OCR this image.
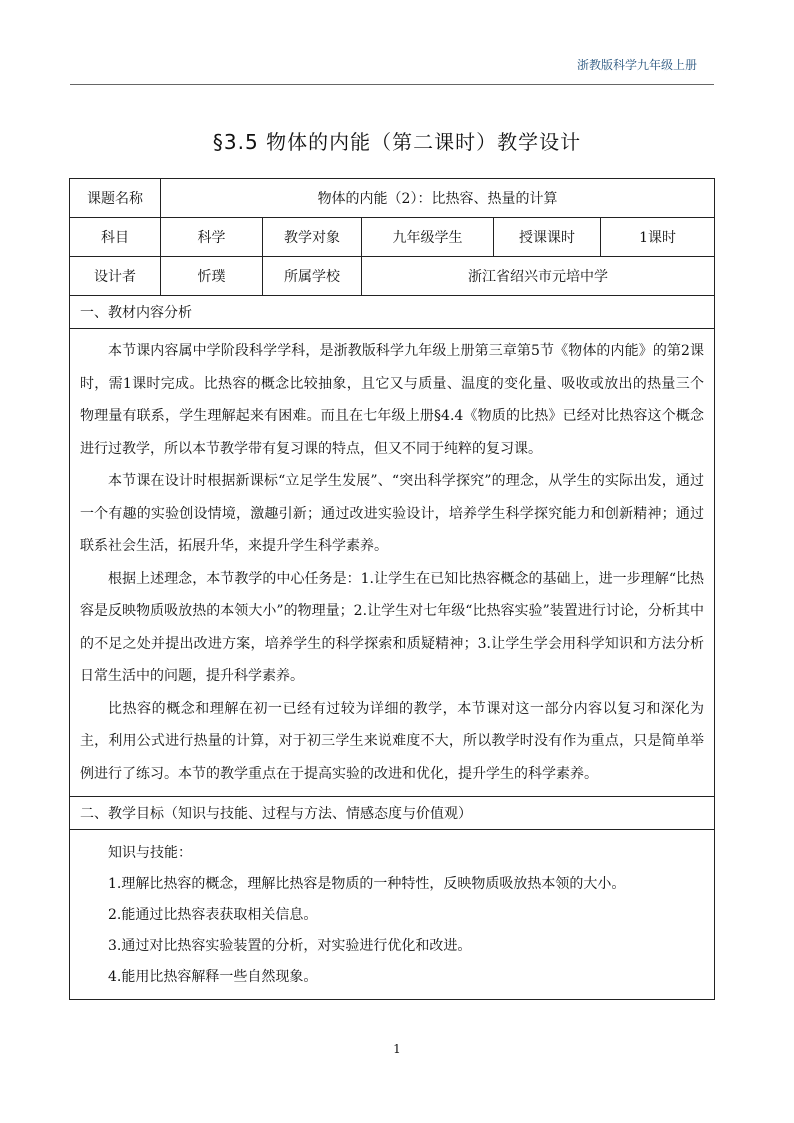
浙教版科学九年级上册
§3.5 物体的内能（第二课时）教学设计
课题名称	物体的内能（2）：比热容、热量的计算				
科目	科学	教学对象	九年级学生	授课课时	1课时
设计者	忻璞	所属学校	浙江省绍兴市元培中学		
一、教材内容分析					

本节课内容属中学阶段科学学科，是浙教版科学九年级上册第三章第5节《物体的内能》的第2课时，需1课时完成。比热容的概念比较抽象，且它又与质量、温度的变化量、吸收或放出的热量三个物理量有联系，学生理解起来有困难。而且在七年级上册§4.4《物质的比热》已经对比热容这个概念进行过教学，所以本节教学带有复习课的特点，但又不同于纯粹的复习课。

本节课在设计时根据新课标“立足学生发展”、“突出科学探究”的理念，从学生的实际出发，通过一个有趣的实验创设情境，激趣引新；通过改进实验设计，培养学生科学探究能力和创新精神；通过联系社会生活，拓展升华，来提升学生科学素养。

根据上述理念，本节教学的中心任务是：1.让学生在已知比热容概念的基础上，进一步理解“比热容是反映物质吸放热的本领大小”的物理量；2.让学生对七年级“比热容实验”装置进行讨论，分析其中的不足之处并提出改进方案，培养学生的科学探索和质疑精神；3.让学生学会用科学知识和方法分析日常生活中的问题，提升科学素养。

比热容的概念和理解在初一已经有过较为详细的教学，本节课对这一部分内容以复习和深化为主，利用公式进行热量的计算，对于初三学生来说难度不大，所以教学时没有作为重点，只是简单举例进行了练习。本节的教学重点在于提高实验的改进和优化，提升学生的科学素养。					

二、教学目标（知识与技能、过程与方法、情感态度与价值观）					

知识与技能：

1.理解比热容的概念，理解比热容是物质的一种特性，反映物质吸放热本领的大小。

2.能通过比热容表获取相关信息。

3.通过对比热容实验装置的分析，对实验进行优化和改进。

4.能用比热容解释一些自然现象。					

1
